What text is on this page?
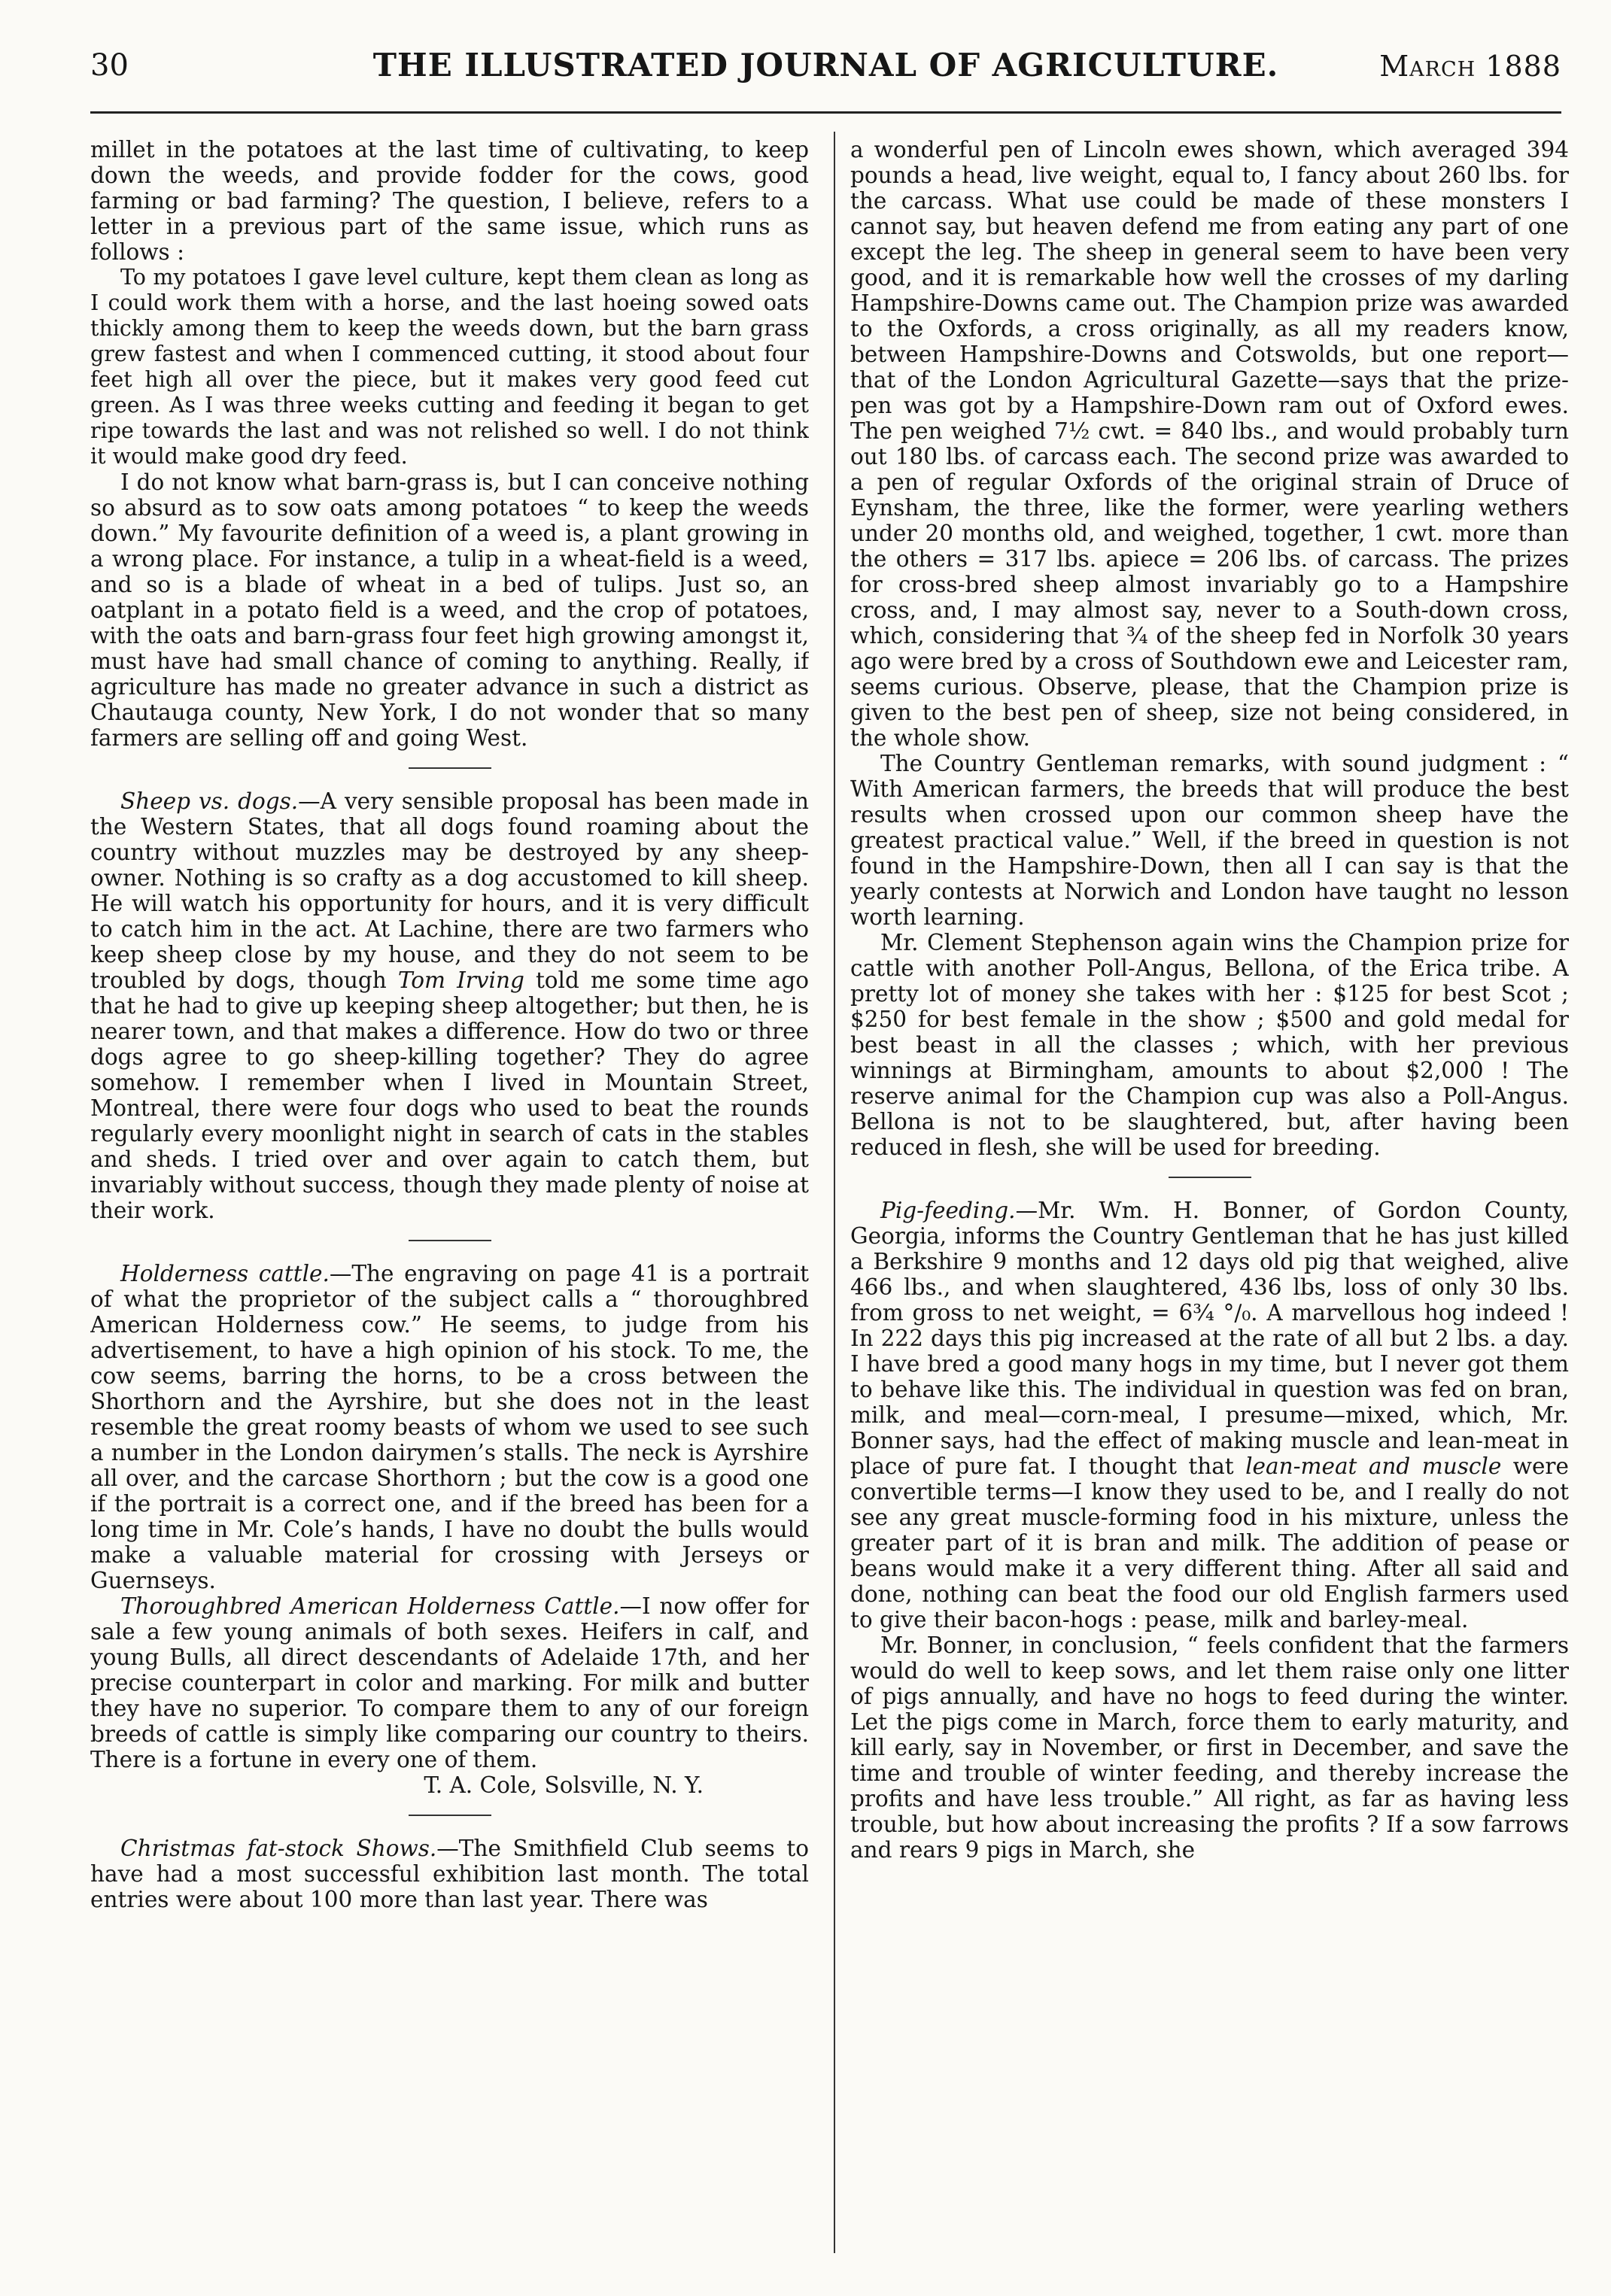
30	THE ILLUSTRATED JOURNAL OF AGRICULTURE.	March 1888

millet in the potatoes at the last time of cultivating, to keep down the weeds, and provide fodder for the cows, good farming or bad farming? The question, I believe, refers to a letter in a previous part of the same issue, which runs as follows :

To my potatoes I gave level culture, kept them clean as long as I could work them with a horse, and the last hoeing sowed oats thickly among them to keep the weeds down, but the barn grass grew fastest and when I commenced cutting, it stood about four feet high all over the piece, but it makes very good feed cut green. As I was three weeks cutting and feeding it began to get ripe towards the last and was not relished so well. I do not think it would make good dry feed.

I do not know what barn-grass is, but I can conceive nothing so absurd as to sow oats among potatoes “ to keep the weeds down.” My favourite definition of a weed is, a plant growing in a wrong place. For instance, a tulip in a wheat-field is a weed, and so is a blade of wheat in a bed of tulips. Just so, an oatplant in a potato field is a weed, and the crop of potatoes, with the oats and barn-grass four feet high growing amongst it, must have had small chance of coming to anything. Really, if agriculture has made no greater advance in such a district as Chautauga county, New York, I do not wonder that so many farmers are selling off and going West.

Sheep vs. dogs.—A very sensible proposal has been made in the Western States, that all dogs found roaming about the country without muzzles may be destroyed by any sheep-owner. Nothing is so crafty as a dog accustomed to kill sheep. He will watch his opportunity for hours, and it is very difficult to catch him in the act. At Lachine, there are two farmers who keep sheep close by my house, and they do not seem to be troubled by dogs, though Tom Irving told me some time ago that he had to give up keeping sheep altogether; but then, he is nearer town, and that makes a difference. How do two or three dogs agree to go sheep-killing together? They do agree somehow. I remember when I lived in Mountain Street, Montreal, there were four dogs who used to beat the rounds regularly every moonlight night in search of cats in the stables and sheds. I tried over and over again to catch them, but invariably without success, though they made plenty of noise at their work.

Holderness cattle.—The engraving on page 41 is a portrait of what the proprietor of the subject calls a “ thoroughbred American Holderness cow.” He seems, to judge from his advertisement, to have a high opinion of his stock. To me, the cow seems, barring the horns, to be a cross between the Shorthorn and the Ayrshire, but she does not in the least resemble the great roomy beasts of whom we used to see such a number in the London dairymen’s stalls. The neck is Ayrshire all over, and the carcase Shorthorn ; but the cow is a good one if the portrait is a correct one, and if the breed has been for a long time in Mr. Cole’s hands, I have no doubt the bulls would make a valuable material for crossing with Jerseys or Guernseys.

Thoroughbred American Holderness Cattle.—I now offer for sale a few young animals of both sexes. Heifers in calf, and young Bulls, all direct descendants of Adelaide 17th, and her precise counterpart in color and marking. For milk and butter they have no superior. To compare them to any of our foreign breeds of cattle is simply like comparing our country to theirs. There is a fortune in every one of them.

T. A. Cole, Solsville, N. Y.

Christmas fat-stock Shows.—The Smithfield Club seems to have had a most successful exhibition last month. The total entries were about 100 more than last year. There was

a wonderful pen of Lincoln ewes shown, which averaged 394 pounds a head, live weight, equal to, I fancy about 260 lbs. for the carcass. What use could be made of these monsters I cannot say, but heaven defend me from eating any part of one except the leg. The sheep in general seem to have been very good, and it is remarkable how well the crosses of my darling Hampshire-Downs came out. The Champion prize was awarded to the Oxfords, a cross originally, as all my readers know, between Hampshire-Downs and Cotswolds, but one report—that of the London Agricultural Gazette—says that the prize-pen was got by a Hampshire-Down ram out of Oxford ewes. The pen weighed 7½ cwt. = 840 lbs., and would probably turn out 180 lbs. of carcass each. The second prize was awarded to a pen of regular Oxfords of the original strain of Druce of Eynsham, the three, like the former, were yearling wethers under 20 months old, and weighed, together, 1 cwt. more than the others = 317 lbs. apiece = 206 lbs. of carcass. The prizes for cross-bred sheep almost invariably go to a Hampshire cross, and, I may almost say, never to a South-down cross, which, considering that ¾ of the sheep fed in Norfolk 30 years ago were bred by a cross of Southdown ewe and Leicester ram, seems curious. Observe, please, that the Champion prize is given to the best pen of sheep, size not being considered, in the whole show.

The Country Gentleman remarks, with sound judgment : “ With American farmers, the breeds that will produce the best results when crossed upon our common sheep have the greatest practical value.” Well, if the breed in question is not found in the Hampshire-Down, then all I can say is that the yearly contests at Norwich and London have taught no lesson worth learning.

Mr. Clement Stephenson again wins the Champion prize for cattle with another Poll-Angus, Bellona, of the Erica tribe. A pretty lot of money she takes with her : $125 for best Scot ; $250 for best female in the show ; $500 and gold medal for best beast in all the classes ; which, with her previous winnings at Birmingham, amounts to about $2,000 ! The reserve animal for the Champion cup was also a Poll-Angus. Bellona is not to be slaughtered, but, after having been reduced in flesh, she will be used for breeding.

Pig-feeding.—Mr. Wm. H. Bonner, of Gordon County, Georgia, informs the Country Gentleman that he has just killed a Berkshire 9 months and 12 days old pig that weighed, alive 466 lbs., and when slaughtered, 436 lbs, loss of only 30 lbs. from gross to net weight, = 6¾ °/₀. A marvellous hog indeed ! In 222 days this pig increased at the rate of all but 2 lbs. a day. I have bred a good many hogs in my time, but I never got them to behave like this. The individual in question was fed on bran, milk, and meal—corn-meal, I presume—mixed, which, Mr. Bonner says, had the effect of making muscle and lean-meat in place of pure fat. I thought that lean-meat and muscle were convertible terms—I know they used to be, and I really do not see any great muscle-forming food in his mixture, unless the greater part of it is bran and milk. The addition of pease or beans would make it a very different thing. After all said and done, nothing can beat the food our old English farmers used to give their bacon-hogs : pease, milk and barley-meal.

Mr. Bonner, in conclusion, “ feels confident that the farmers would do well to keep sows, and let them raise only one litter of pigs annually, and have no hogs to feed during the winter. Let the pigs come in March, force them to early maturity, and kill early, say in November, or first in December, and save the time and trouble of winter feeding, and thereby increase the profits and have less trouble.” All right, as far as having less trouble, but how about increasing the profits ? If a sow farrows and rears 9 pigs in March, she
